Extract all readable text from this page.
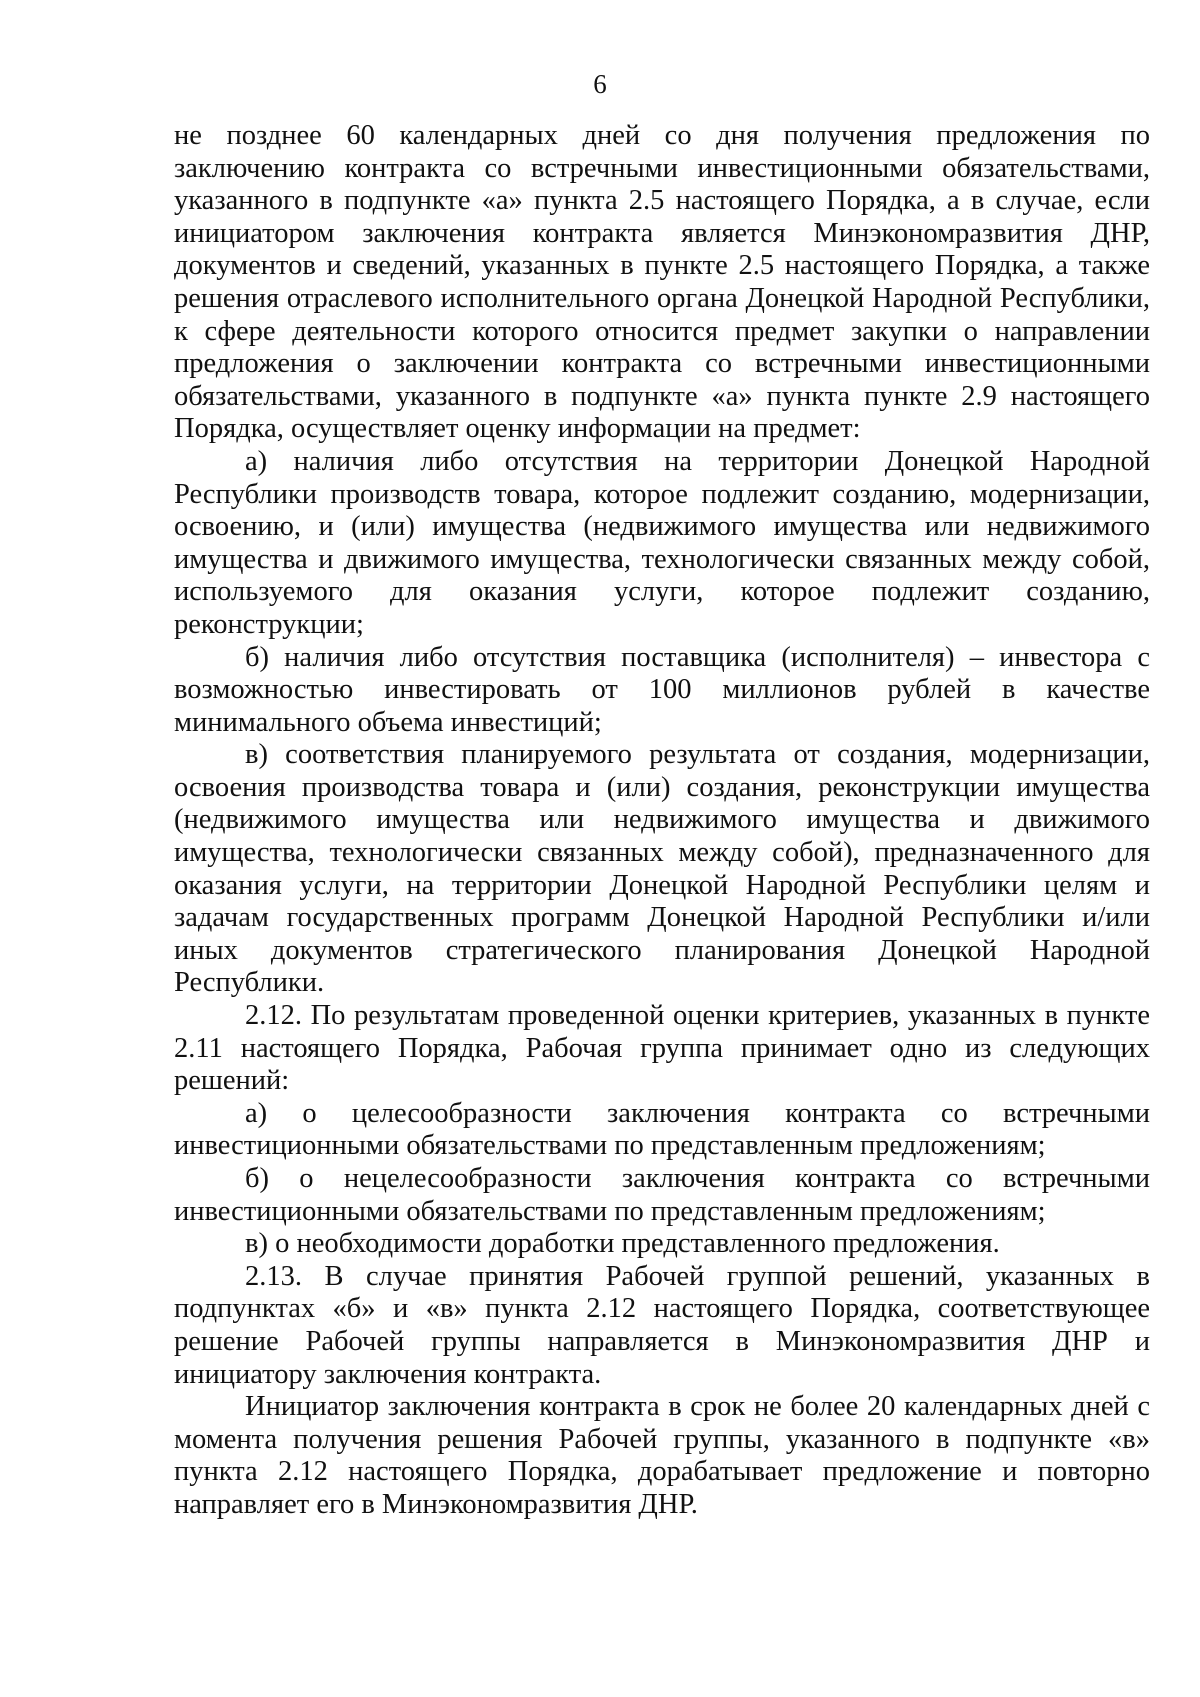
6

не позднее 60 календарных дней со дня получения предложения по заключению контракта со встречными инвестиционными обязательствами, указанного в подпункте «а» пункта 2.5 настоящего Порядка, а в случае, если инициатором заключения контракта является Минэкономразвития ДНР, документов и сведений, указанных в пункте 2.5 настоящего Порядка, а также решения отраслевого исполнительного органа Донецкой Народной Республики, к сфере деятельности которого относится предмет закупки о направлении предложения о заключении контракта со встречными инвестиционными обязательствами, указанного в подпункте «а» пункта пункте 2.9 настоящего Порядка, осуществляет оценку информации на предмет:

а) наличия либо отсутствия на территории Донецкой Народной Республики производств товара, которое подлежит созданию, модернизации, освоению, и (или) имущества (недвижимого имущества или недвижимого имущества и движимого имущества, технологически связанных между собой, используемого для оказания услуги, которое подлежит созданию, реконструкции;

б) наличия либо отсутствия поставщика (исполнителя) – инвестора с возможностью инвестировать от 100 миллионов рублей в качестве минимального объема инвестиций;

в) соответствия планируемого результата от создания, модернизации, освоения производства товара и (или) создания, реконструкции имущества (недвижимого имущества или недвижимого имущества и движимого имущества, технологически связанных между собой), предназначенного для оказания услуги, на территории Донецкой Народной Республики целям и задачам государственных программ Донецкой Народной Республики и/или иных документов стратегического планирования Донецкой Народной Республики.

2.12. По результатам проведенной оценки критериев, указанных в пункте 2.11 настоящего Порядка, Рабочая группа принимает одно из следующих решений:

а) о целесообразности заключения контракта со встречными инвестиционными обязательствами по представленным предложениям;

б) о нецелесообразности заключения контракта со встречными инвестиционными обязательствами по представленным предложениям;

в) о необходимости доработки представленного предложения.

2.13. В случае принятия Рабочей группой решений, указанных в подпунктах «б» и «в» пункта 2.12 настоящего Порядка, соответствующее решение Рабочей группы направляется в Минэкономразвития ДНР и инициатору заключения контракта.

Инициатор заключения контракта в срок не более 20 календарных дней с момента получения решения Рабочей группы, указанного в подпункте «в» пункта 2.12 настоящего Порядка, дорабатывает предложение и повторно направляет его в Минэкономразвития ДНР.
